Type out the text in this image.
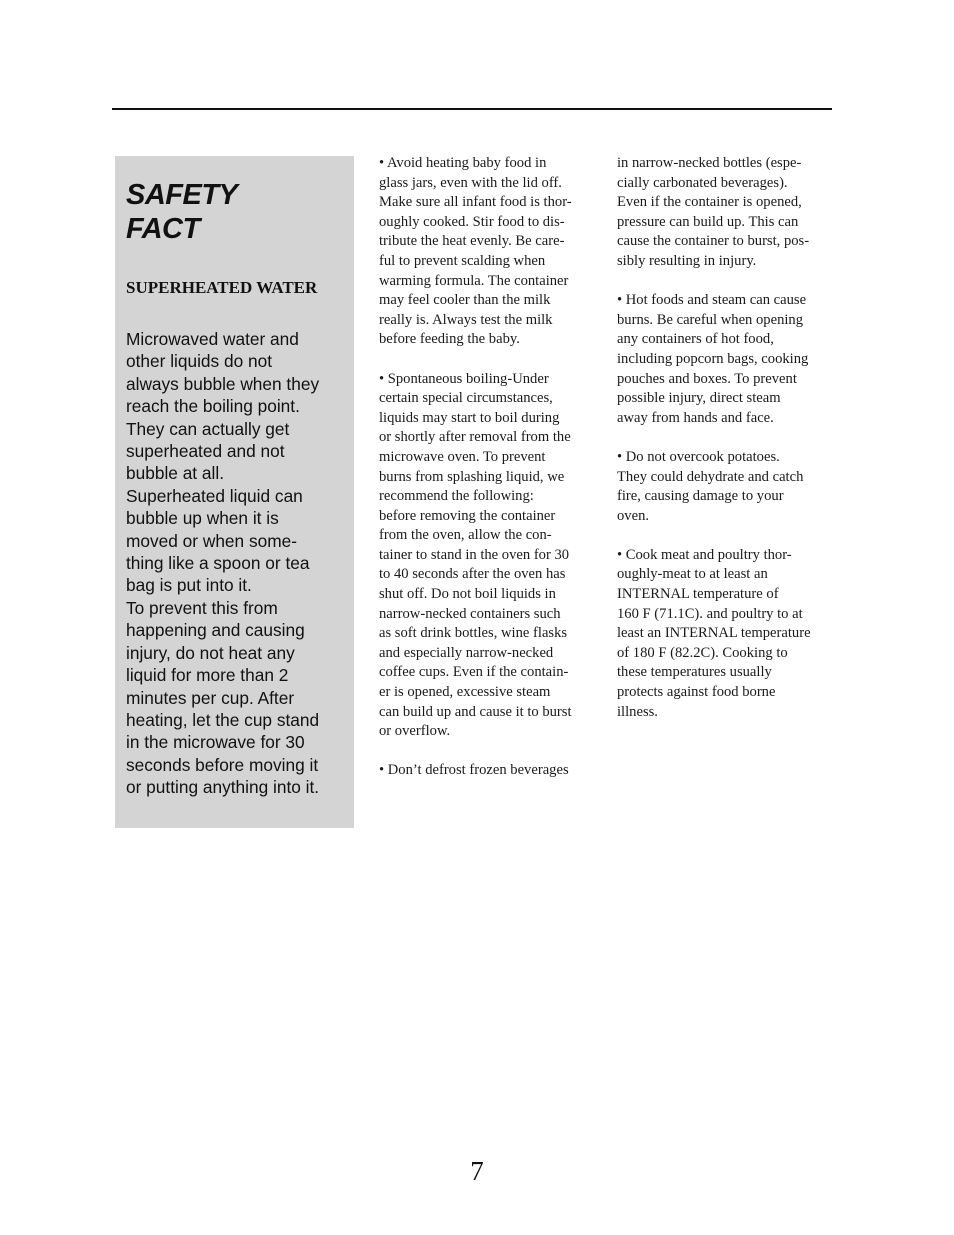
SAFETY
FACT
SUPERHEATED WATER

Microwaved water and
other liquids do not
always bubble when they
reach the boiling point.
They can actually get
superheated and not
bubble at all.
Superheated liquid can
bubble up when it is
moved or when some-
thing like a spoon or tea
bag is put into it.
To prevent this from
happening and causing
injury, do not heat any
liquid for more than 2
minutes per cup. After
heating, let the cup stand
in the microwave for 30
seconds before moving it
or putting anything into it.

• Avoid heating baby food in
glass jars, even with the lid off.
Make sure all infant food is thor-
oughly cooked. Stir food to dis-
tribute the heat evenly. Be care-
ful to prevent scalding when
warming formula. The container
may feel cooler than the milk
really is. Always test the milk
before feeding the baby.

• Spontaneous boiling-Under
certain special circumstances,
liquids may start to boil during
or shortly after removal from the
microwave oven. To prevent
burns from splashing liquid, we
recommend the following:
before removing the container
from the oven, allow the con-
tainer to stand in the oven for 30
to 40 seconds after the oven has
shut off. Do not boil liquids in
narrow-necked containers such
as soft drink bottles, wine flasks
and especially narrow-necked
coffee cups. Even if the contain-
er is opened, excessive steam
can build up and cause it to burst
or overflow.

• Don’t defrost frozen beverages

in narrow-necked bottles (espe-
cially carbonated beverages).
Even if the container is opened,
pressure can build up. This can
cause the container to burst, pos-
sibly resulting in injury.

• Hot foods and steam can cause
burns. Be careful when opening
any containers of hot food,
including popcorn bags, cooking
pouches and boxes. To prevent
possible injury, direct steam
away from hands and face.

• Do not overcook potatoes.
They could dehydrate and catch
fire, causing damage to your
oven.

• Cook meat and poultry thor-
oughly-meat to at least an
INTERNAL temperature of
160 F (71.1C). and poultry to at
least an INTERNAL temperature
of 180 F (82.2C). Cooking to
these temperatures usually
protects against food borne
illness.

7
